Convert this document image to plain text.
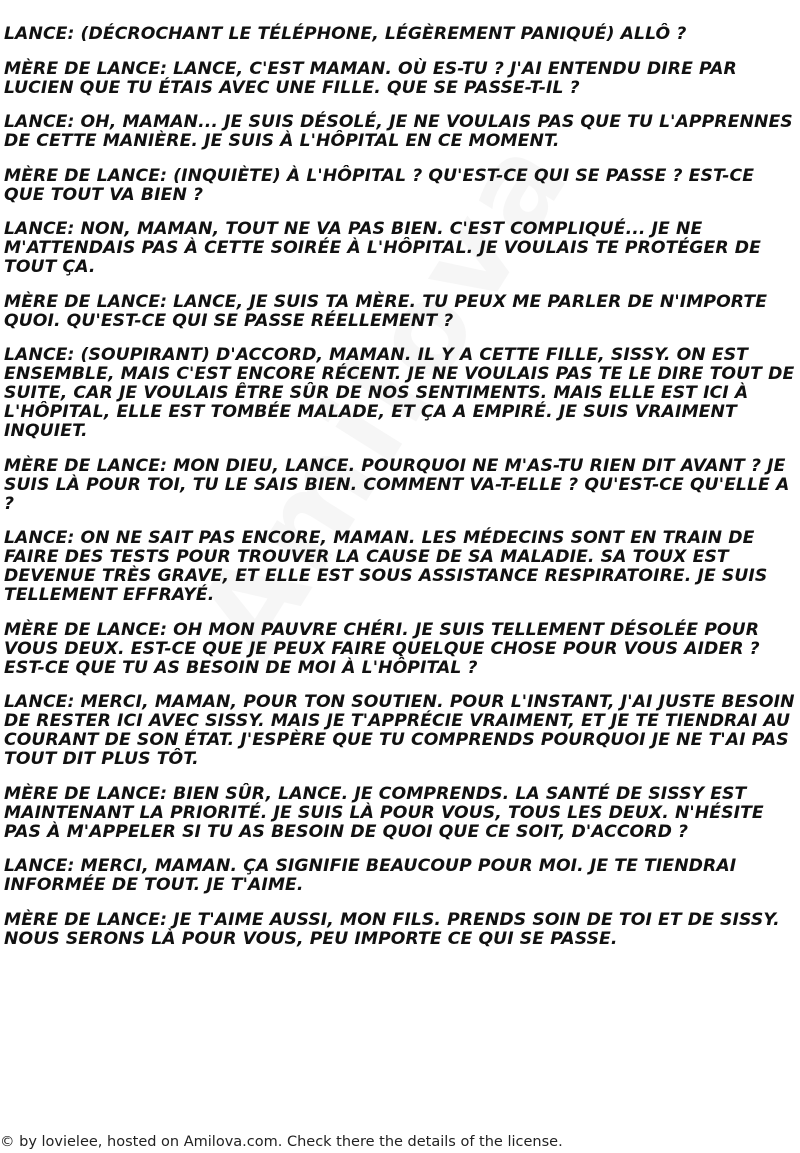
LANCE: (DÉCROCHANT LE TÉLÉPHONE, LÉGÈREMENT PANIQUÉ) ALLÔ ?

MÈRE DE LANCE: LANCE, C'EST MAMAN. OÙ ES-TU ? J'AI ENTENDU DIRE PAR LUCIEN QUE TU ÉTAIS AVEC UNE FILLE. QUE SE PASSE-T-IL ?

LANCE: OH, MAMAN... JE SUIS DÉSOLÉ, JE NE VOULAIS PAS QUE TU L'APPRENNES DE CETTE MANIÈRE. JE SUIS À L'HÔPITAL EN CE MOMENT.

MÈRE DE LANCE: (INQUIÈTE) À L'HÔPITAL ? QU'EST-CE QUI SE PASSE ? EST-CE QUE TOUT VA BIEN ?

LANCE: NON, MAMAN, TOUT NE VA PAS BIEN. C'EST COMPLIQUÉ... JE NE M'ATTENDAIS PAS À CETTE SOIRÉE À L'HÔPITAL. JE VOULAIS TE PROTÉGER DE TOUT ÇA.

MÈRE DE LANCE: LANCE, JE SUIS TA MÈRE. TU PEUX ME PARLER DE N'IMPORTE QUOI. QU'EST-CE QUI SE PASSE RÉELLEMENT ?

LANCE: (SOUPIRANT) D'ACCORD, MAMAN. IL Y A CETTE FILLE, SISSY. ON EST ENSEMBLE, MAIS C'EST ENCORE RÉCENT. JE NE VOULAIS PAS TE LE DIRE TOUT DE SUITE, CAR JE VOULAIS ÊTRE SÛR DE NOS SENTIMENTS. MAIS ELLE EST ICI À L'HÔPITAL, ELLE EST TOMBÉE MALADE, ET ÇA A EMPIRÉ. JE SUIS VRAIMENT INQUIET.

MÈRE DE LANCE: MON DIEU, LANCE. POURQUOI NE M'AS-TU RIEN DIT AVANT ? JE SUIS LÀ POUR TOI, TU LE SAIS BIEN. COMMENT VA-T-ELLE ? QU'EST-CE QU'ELLE A ?

LANCE: ON NE SAIT PAS ENCORE, MAMAN. LES MÉDECINS SONT EN TRAIN DE FAIRE DES TESTS POUR TROUVER LA CAUSE DE SA MALADIE. SA TOUX EST DEVENUE TRÈS GRAVE, ET ELLE EST SOUS ASSISTANCE RESPIRATOIRE. JE SUIS TELLEMENT EFFRAYÉ.

MÈRE DE LANCE: OH MON PAUVRE CHÉRI. JE SUIS TELLEMENT DÉSOLÉE POUR VOUS DEUX. EST-CE QUE JE PEUX FAIRE QUELQUE CHOSE POUR VOUS AIDER ? EST-CE QUE TU AS BESOIN DE MOI À L'HÔPITAL ?

LANCE: MERCI, MAMAN, POUR TON SOUTIEN. POUR L'INSTANT, J'AI JUSTE BESOIN DE RESTER ICI AVEC SISSY. MAIS JE T'APPRÉCIE VRAIMENT, ET JE TE TIENDRAI AU COURANT DE SON ÉTAT. J'ESPÈRE QUE TU COMPRENDS POURQUOI JE NE T'AI PAS TOUT DIT PLUS TÔT.

MÈRE DE LANCE: BIEN SÛR, LANCE. JE COMPRENDS. LA SANTÉ DE SISSY EST MAINTENANT LA PRIORITÉ. JE SUIS LÀ POUR VOUS, TOUS LES DEUX. N'HÉSITE PAS À M'APPELER SI TU AS BESOIN DE QUOI QUE CE SOIT, D'ACCORD ?

LANCE: MERCI, MAMAN. ÇA SIGNIFIE BEAUCOUP POUR MOI. JE TE TIENDRAI INFORMÉE DE TOUT. JE T'AIME.

MÈRE DE LANCE: JE T'AIME AUSSI, MON FILS. PRENDS SOIN DE TOI ET DE SISSY. NOUS SERONS LÀ POUR VOUS, PEU IMPORTE CE QUI SE PASSE.

© by lovielee, hosted on Amilova.com. Check there the details of the license.
